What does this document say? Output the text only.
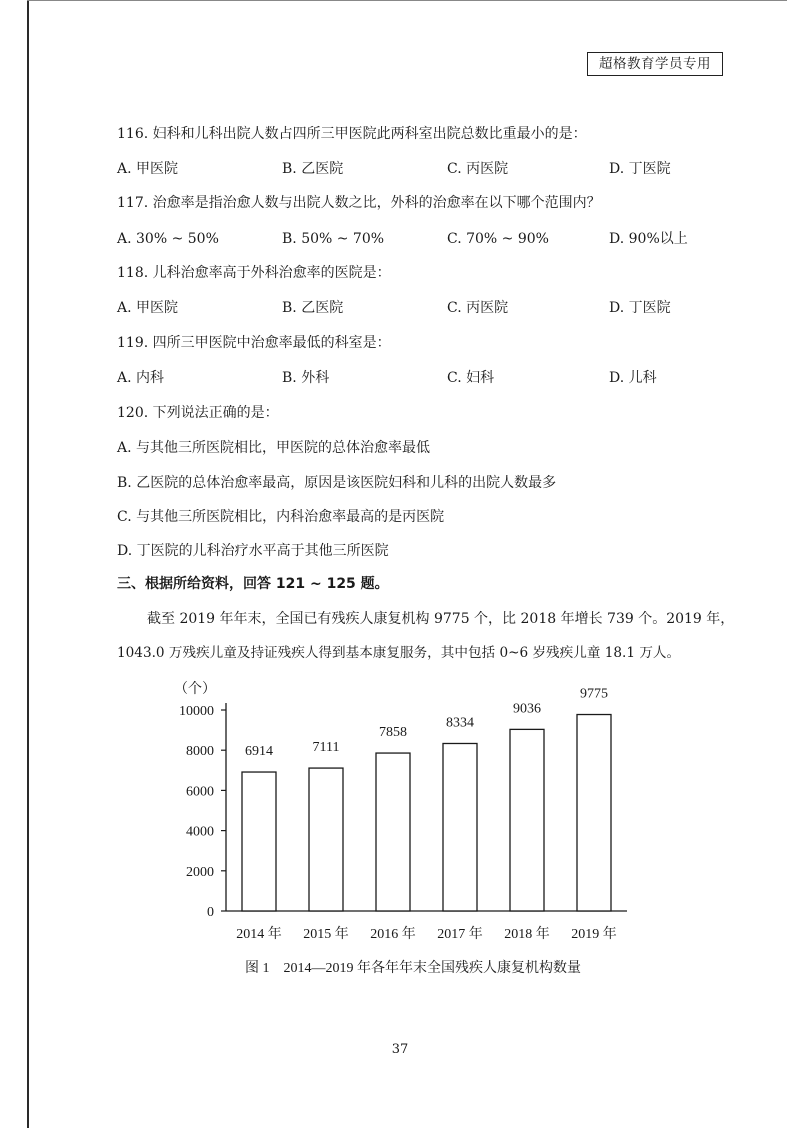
超格教育学员专用
116. 妇科和儿科出院人数占四所三甲医院此两科室出院总数比重最小的是：
A. 甲医院	B. 乙医院	C. 丙医院	D. 丁医院
117. 治愈率是指治愈人数与出院人数之比，外科的治愈率在以下哪个范围内？
A. 30% ~ 50%	B. 50% ~ 70%	C. 70% ~ 90%	D. 90%以上
118. 儿科治愈率高于外科治愈率的医院是：
A. 甲医院	B. 乙医院	C. 丙医院	D. 丁医院
119. 四所三甲医院中治愈率最低的科室是：
A. 内科	B. 外科	C. 妇科	D. 儿科
120. 下列说法正确的是：
A. 与其他三所医院相比，甲医院的总体治愈率最低
B. 乙医院的总体治愈率最高，原因是该医院妇科和儿科的出院人数最多
C. 与其他三所医院相比，内科治愈率最高的是丙医院
D. 丁医院的儿科治疗水平高于其他三所医院
三、根据所给资料，回答 121 ~ 125 题。
截至 2019 年年末，全国已有残疾人康复机构 9775 个，比 2018 年增长 739 个。2019 年，
1043.0 万残疾儿童及持证残疾人得到基本康复服务，其中包括 0~6 岁残疾儿童 18.1 万人。
（个）
0
2000
4000
6000
8000
10000
6914	7111
7858
8334
9036
9775
2014 年 2015 年 2016 年 2017 年 2018 年 2019 年
图 1　2014—2019 年各年年末全国残疾人康复机构数量
37
